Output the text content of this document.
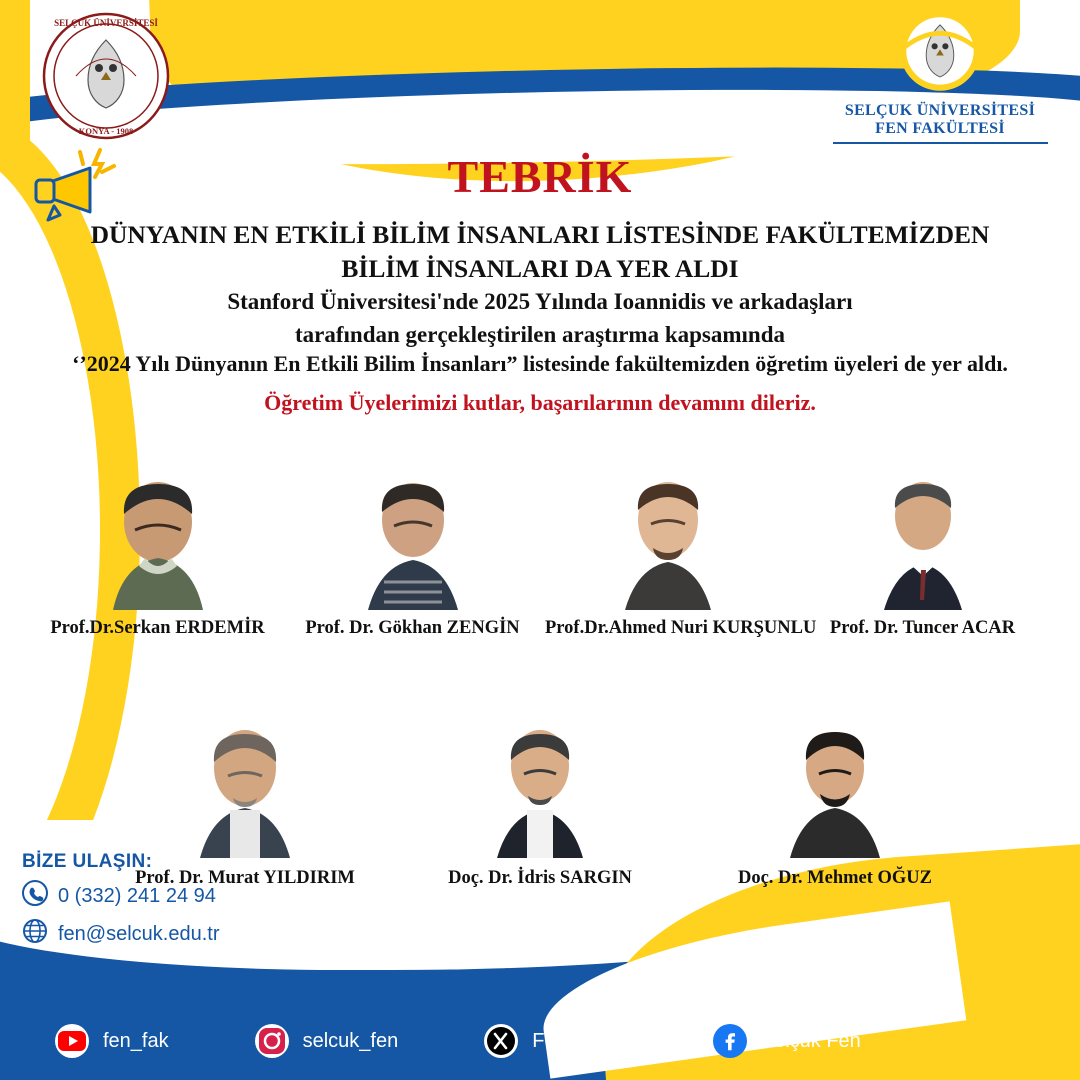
SELÇUK ÜNİVERSİTESİ
KONYA - 1908
SELÇUK ÜNİVERSİTESİ
FEN FAKÜLTESİ
TEBRİK
DÜNYANIN EN ETKİLİ BİLİM İNSANLARI LİSTESİNDE FAKÜLTEMİZDEN BİLİM İNSANLARI DA YER ALDI
Stanford Üniversitesi'nde 2025 Yılında Ioannidis ve arkadaşları
tarafından gerçekleştirilen araştırma kapsamında
‘’2024 Yılı Dünyanın En Etkili Bilim İnsanları” listesinde fakültemizden öğretim üyeleri de yer aldı.
Öğretim Üyelerimizi kutlar, başarılarının devamını dileriz.
Prof.Dr.Serkan ERDEMİR	Prof. Dr. Gökhan ZENGİN	Prof.Dr.Ahmed Nuri KURŞUNLU Prof. Dr. Tuncer ACAR
Prof. Dr. Murat YILDIRIM	Doç. Dr. İdris SARGIN	Doç. Dr. Mehmet OĞUZ
BİZE ULAŞIN:
0 (332) 241 24 94
fen@selcuk.edu.tr
fen_fak	selcuk_fen	FenSelçuk	Selçuk Fen
